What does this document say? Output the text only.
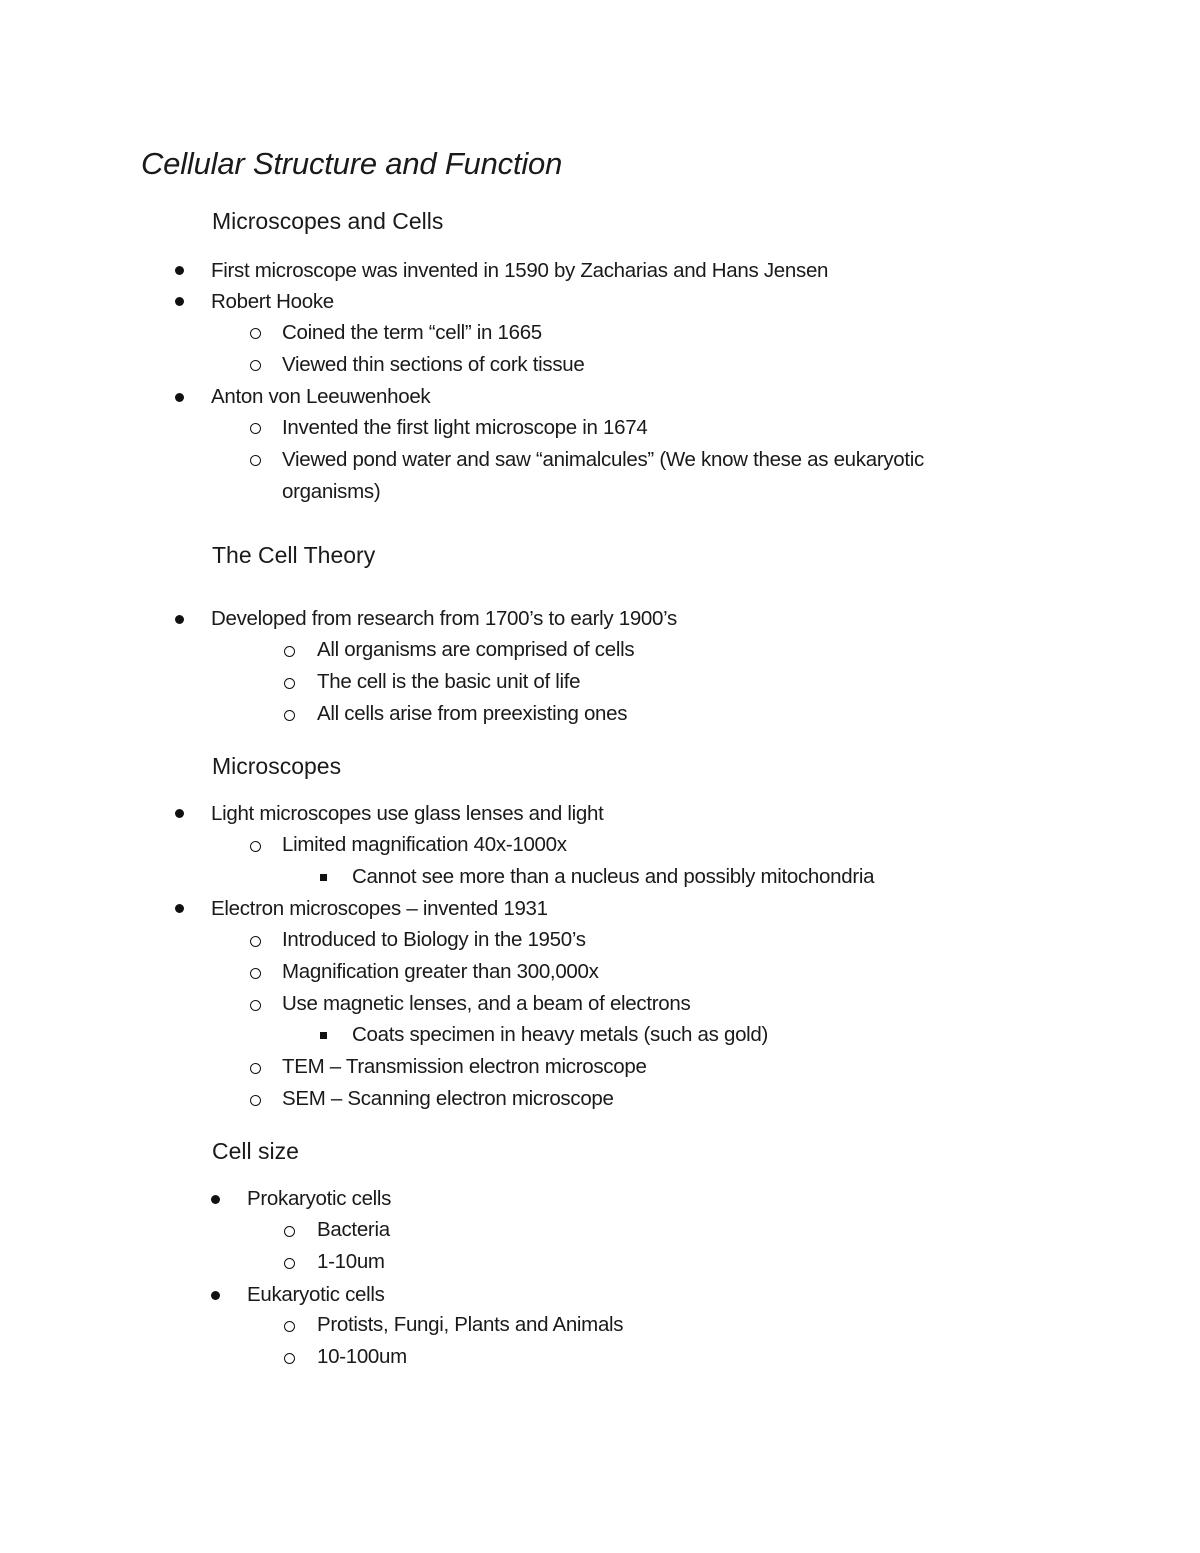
Cellular Structure and Function
Microscopes and Cells
First microscope was invented in 1590 by Zacharias and Hans Jensen
Robert Hooke
Coined the term “cell” in 1665
Viewed thin sections of cork tissue
Anton von Leeuwenhoek
Invented the first light microscope in 1674
Viewed pond water and saw “animalcules” (We know these as eukaryotic
organisms)
The Cell Theory
Developed from research from 1700’s to early 1900’s
All organisms are comprised of cells
The cell is the basic unit of life
All cells arise from preexisting ones
Microscopes
Light microscopes use glass lenses and light
Limited magnification 40x-1000x
Cannot see more than a nucleus and possibly mitochondria
Electron microscopes – invented 1931
Introduced to Biology in the 1950’s
Magnification greater than 300,000x
Use magnetic lenses, and a beam of electrons
Coats specimen in heavy metals (such as gold)
TEM – Transmission electron microscope
SEM – Scanning electron microscope
Cell size
Prokaryotic cells
Bacteria
1-10um
Eukaryotic cells
Protists, Fungi, Plants and Animals
10-100um
